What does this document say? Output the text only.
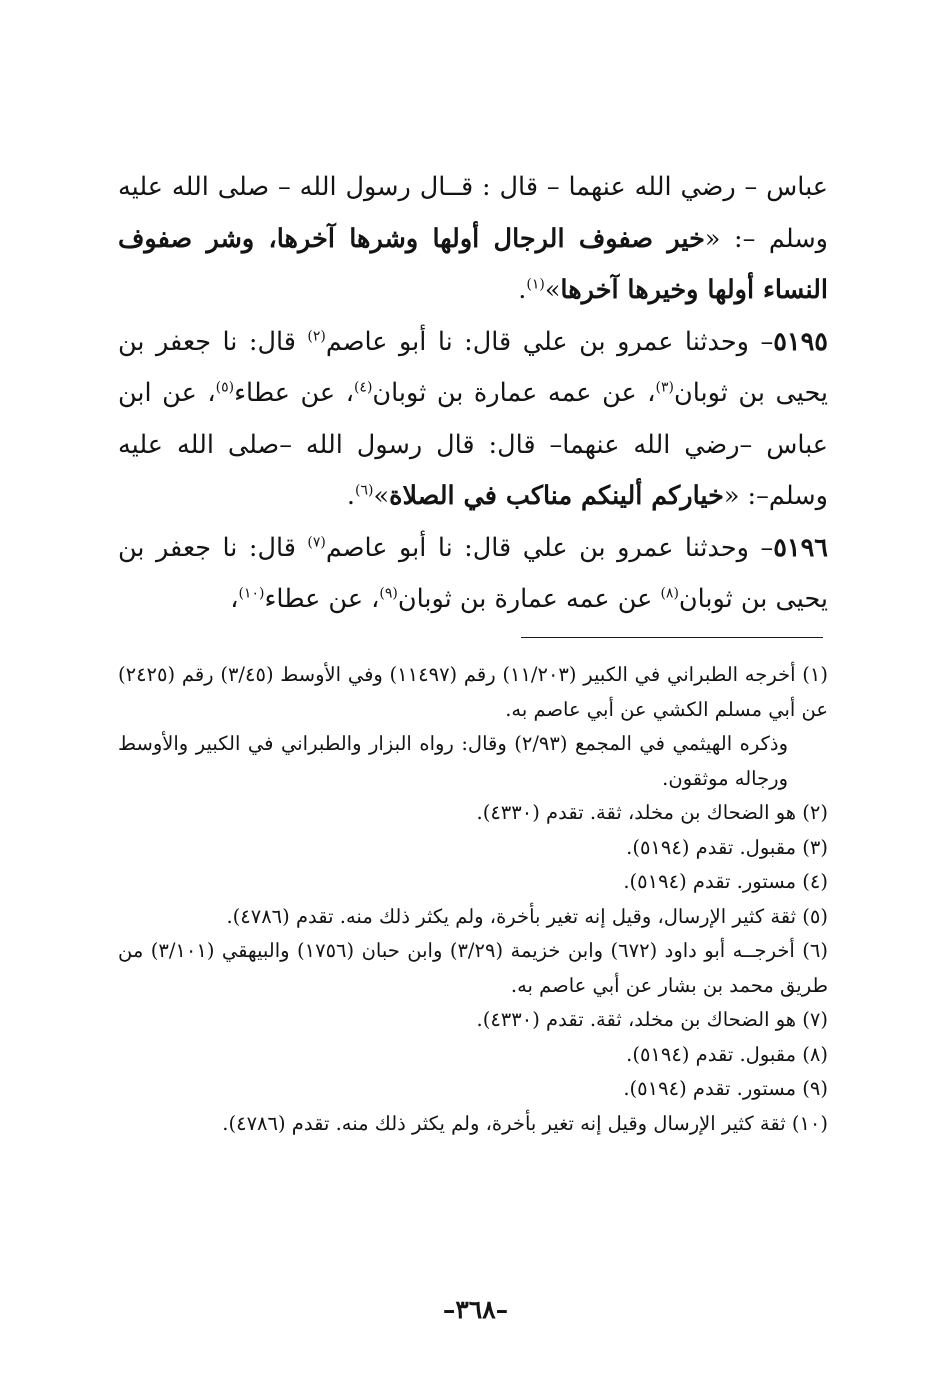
عباس – رضي الله عنهما – قال : قــال رسول الله – صلى الله عليه وسلم –: «خير صفوف الرجال أولها وشرها آخرها، وشر صفوف النساء أولها وخيرها آخرها»$^{(١)}$.

٥١٩٥– وحدثنا عمرو بن علي قال: نا أبو عاصم$^{(٢)}$ قال: نا جعفر بن يحيى بن ثوبان$^{(٣)}$، عن عمه عمارة بن ثوبان$^{(٤)}$، عن عطاء$^{(٥)}$، عن ابن عباس –رضي الله عنهما– قال: قال رسول الله –صلى الله عليه وسلم–: «خياركم ألينكم مناكب في الصلاة»$^{(٦)}$.

٥١٩٦– وحدثنا عمرو بن علي قال: نا أبو عاصم$^{(٧)}$ قال: نا جعفر بن يحيى بن ثوبان$^{(٨)}$ عن عمه عمارة بن ثوبان$^{(٩)}$، عن عطاء$^{(١٠)}$،

(١) أخرجه الطبراني في الكبير (١١/٢٠٣) رقم (١١٤٩٧) وفي الأوسط (٣/٤٥) رقم (٢٤٢٥) عن أبي مسلم الكشي عن أبي عاصم به.

وذكره الهيثمي في المجمع (٢/٩٣) وقال: رواه البزار والطبراني في الكبير والأوسط ورجاله موثقون.

(٢) هو الضحاك بن مخلد، ثقة. تقدم (٤٣٣٠).

(٣) مقبول. تقدم (٥١٩٤).

(٤) مستور. تقدم (٥١٩٤).

(٥) ثقة كثير الإرسال، وقيل إنه تغير بأخرة، ولم يكثر ذلك منه. تقدم (٤٧٨٦).

(٦) أخرجــه أبو داود (٦٧٢) وابن خزيمة (٣/٢٩) وابن حبان (١٧٥٦) والبيهقي (٣/١٠١) من طريق محمد بن بشار عن أبي عاصم به.

(٧) هو الضحاك بن مخلد، ثقة. تقدم (٤٣٣٠).

(٨) مقبول. تقدم (٥١٩٤).

(٩) مستور. تقدم (٥١٩٤).

(١٠) ثقة كثير الإرسال وقيل إنه تغير بأخرة، ولم يكثر ذلك منه. تقدم (٤٧٨٦).

–٣٦٨–
